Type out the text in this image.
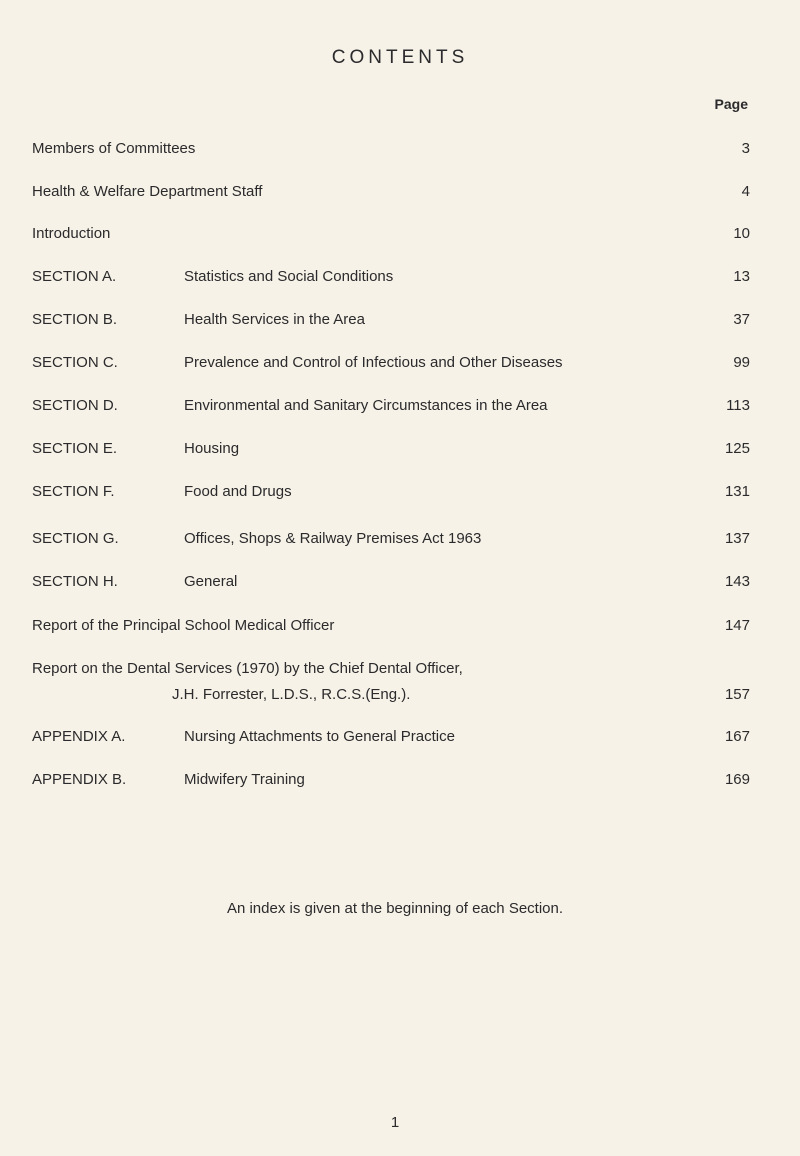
CONTENTS
Page
Members of Committees	3
Health & Welfare Department Staff	4
Introduction	10
SECTION A.	Statistics and Social Conditions	13
SECTION B.	Health Services in the Area	37
SECTION C.	Prevalence and Control of Infectious and Other Diseases	99
SECTION D.	Environmental and Sanitary Circumstances in the Area	113
SECTION E.	Housing	125
SECTION F.	Food and Drugs	131
SECTION G.	Offices, Shops & Railway Premises Act 1963	137
SECTION H.	General	143
Report of the Principal School Medical Officer	147
Report on the Dental Services (1970) by the Chief Dental Officer,
J.H. Forrester, L.D.S., R.C.S.(Eng.).	157
APPENDIX A.	Nursing Attachments to General Practice	167
APPENDIX B.	Midwifery Training	169
An index is given at the beginning of each Section.
1
